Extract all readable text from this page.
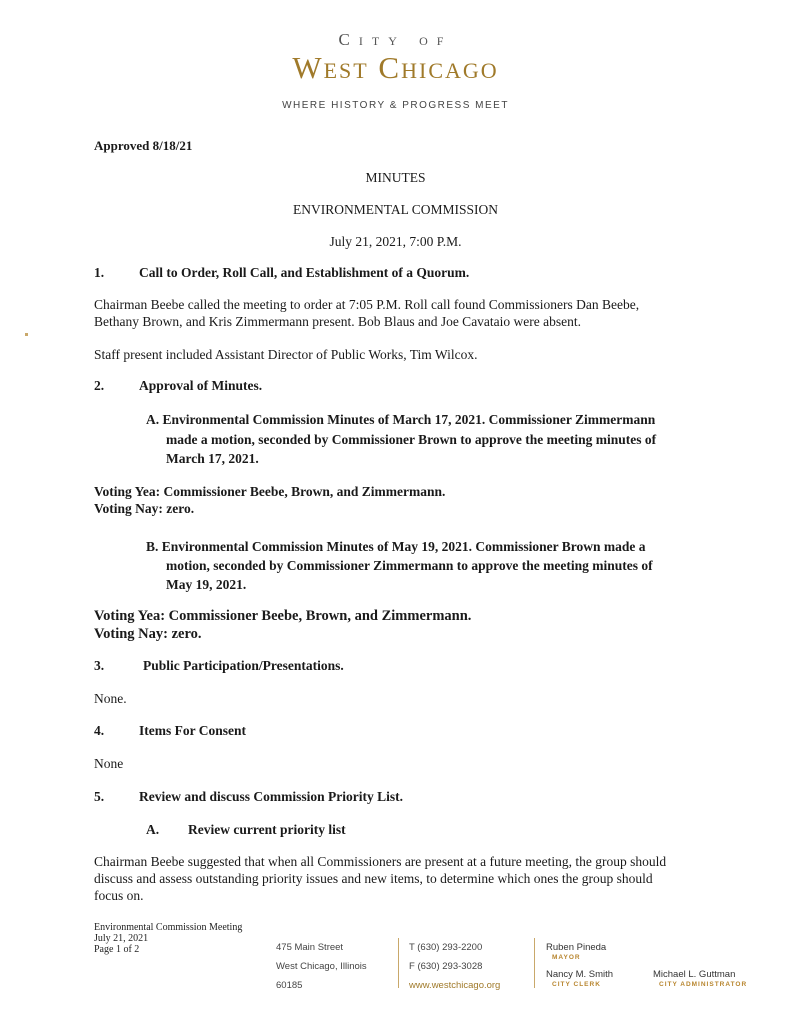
City of
West Chicago
WHERE HISTORY & PROGRESS MEET
Approved 8/18/21
MINUTES
ENVIRONMENTAL COMMISSION
July 21, 2021, 7:00 P.M.
1.	Call to Order, Roll Call, and Establishment of a Quorum.
Chairman Beebe called the meeting to order at 7:05 P.M. Roll call found Commissioners Dan Beebe,
Bethany Brown, and Kris Zimmermann present. Bob Blaus and Joe Cavataio were absent.
Staff present included Assistant Director of Public Works, Tim Wilcox.
2.	Approval of Minutes.
A. Environmental Commission Minutes of March 17, 2021. Commissioner Zimmermann
made a motion, seconded by Commissioner Brown to approve the meeting minutes of
March 17, 2021.
Voting Yea: Commissioner Beebe, Brown, and Zimmermann.
Voting Nay: zero.
B. Environmental Commission Minutes of May 19, 2021. Commissioner Brown made a
motion, seconded by Commissioner Zimmermann to approve the meeting minutes of
May 19, 2021.
Voting Yea: Commissioner Beebe, Brown, and Zimmermann.
Voting Nay: zero.
3.	Public Participation/Presentations.
None.
4.	Items For Consent
None
5.	Review and discuss Commission Priority List.
A. Review current priority list
Chairman Beebe suggested that when all Commissioners are present at a future meeting, the group should
discuss and assess outstanding priority issues and new items, to determine which ones the group should
focus on.
Environmental Commission Meeting
July 21, 2021
Page 1 of 2	475 Main Street
West Chicago, Illinois
60185
T (630) 293-2200
F (630) 293-3028
www.westchicago.org
Ruben Pineda
MAYOR
Nancy M. Smith
CITY CLERK
Michael L. Guttman
CITY ADMINISTRATOR
